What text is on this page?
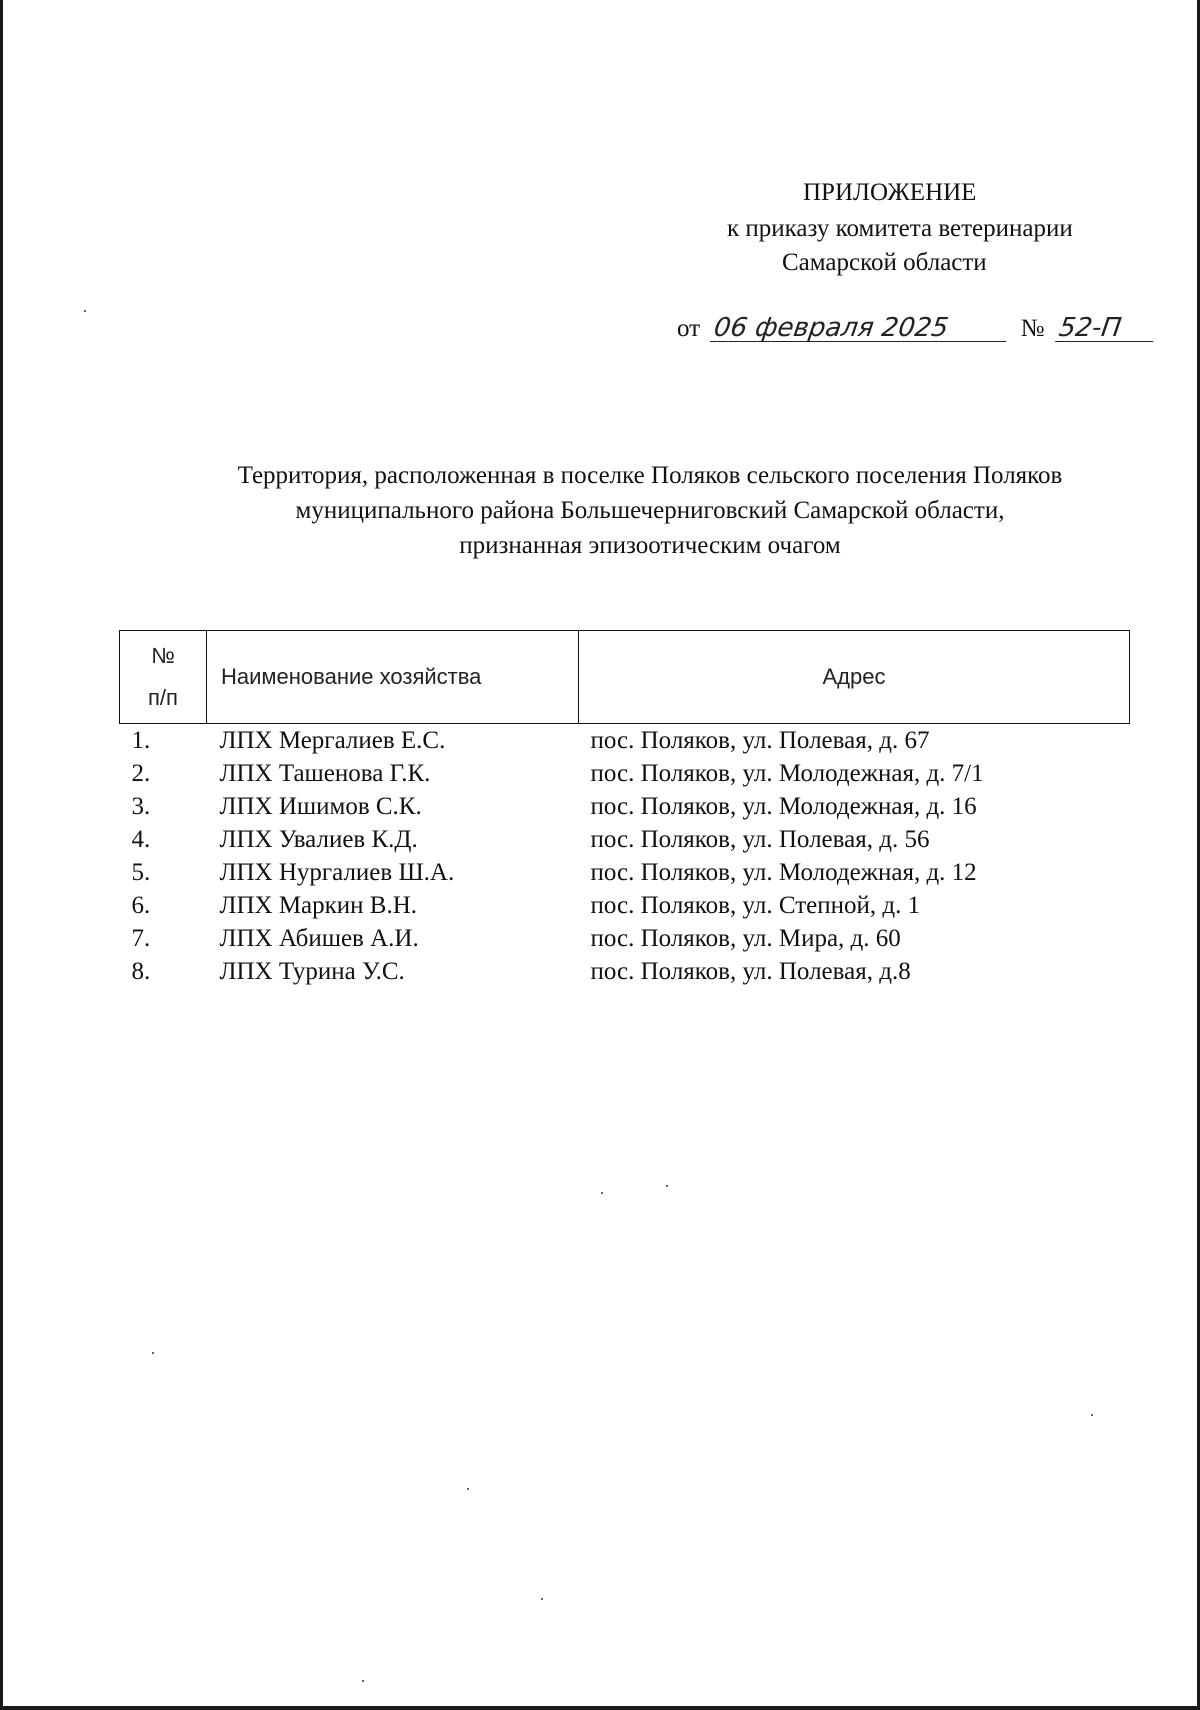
ПРИЛОЖЕНИЕ
к приказу комитета ветеринарии
Самарской области
от 06 февраля 2025	№ 52-П
Территория, расположенная в поселке Поляков сельского поселения Поляков
муниципального района Большечерниговский Самарской области,
признанная эпизоотическим очагом
№
п/п	Наименование хозяйства	Адрес
1.	ЛПХ Мергалиев Е.С.	пос. Поляков, ул. Полевая, д. 67
2.	ЛПХ Ташенова Г.К.	пос. Поляков, ул. Молодежная, д. 7/1
3.	ЛПХ Ишимов С.К.	пос. Поляков, ул. Молодежная, д. 16
4.	ЛПХ Увалиев К.Д.	пос. Поляков, ул. Полевая, д. 56
5.	ЛПХ Нургалиев Ш.А.	пос. Поляков, ул. Молодежная, д. 12
6.	ЛПХ Маркин В.Н.	пос. Поляков, ул. Степной, д. 1
7.	ЛПХ Абишев А.И.	пос. Поляков, ул. Мира, д. 60
8.	ЛПХ Турина У.С.	пос. Поляков, ул. Полевая, д.8
